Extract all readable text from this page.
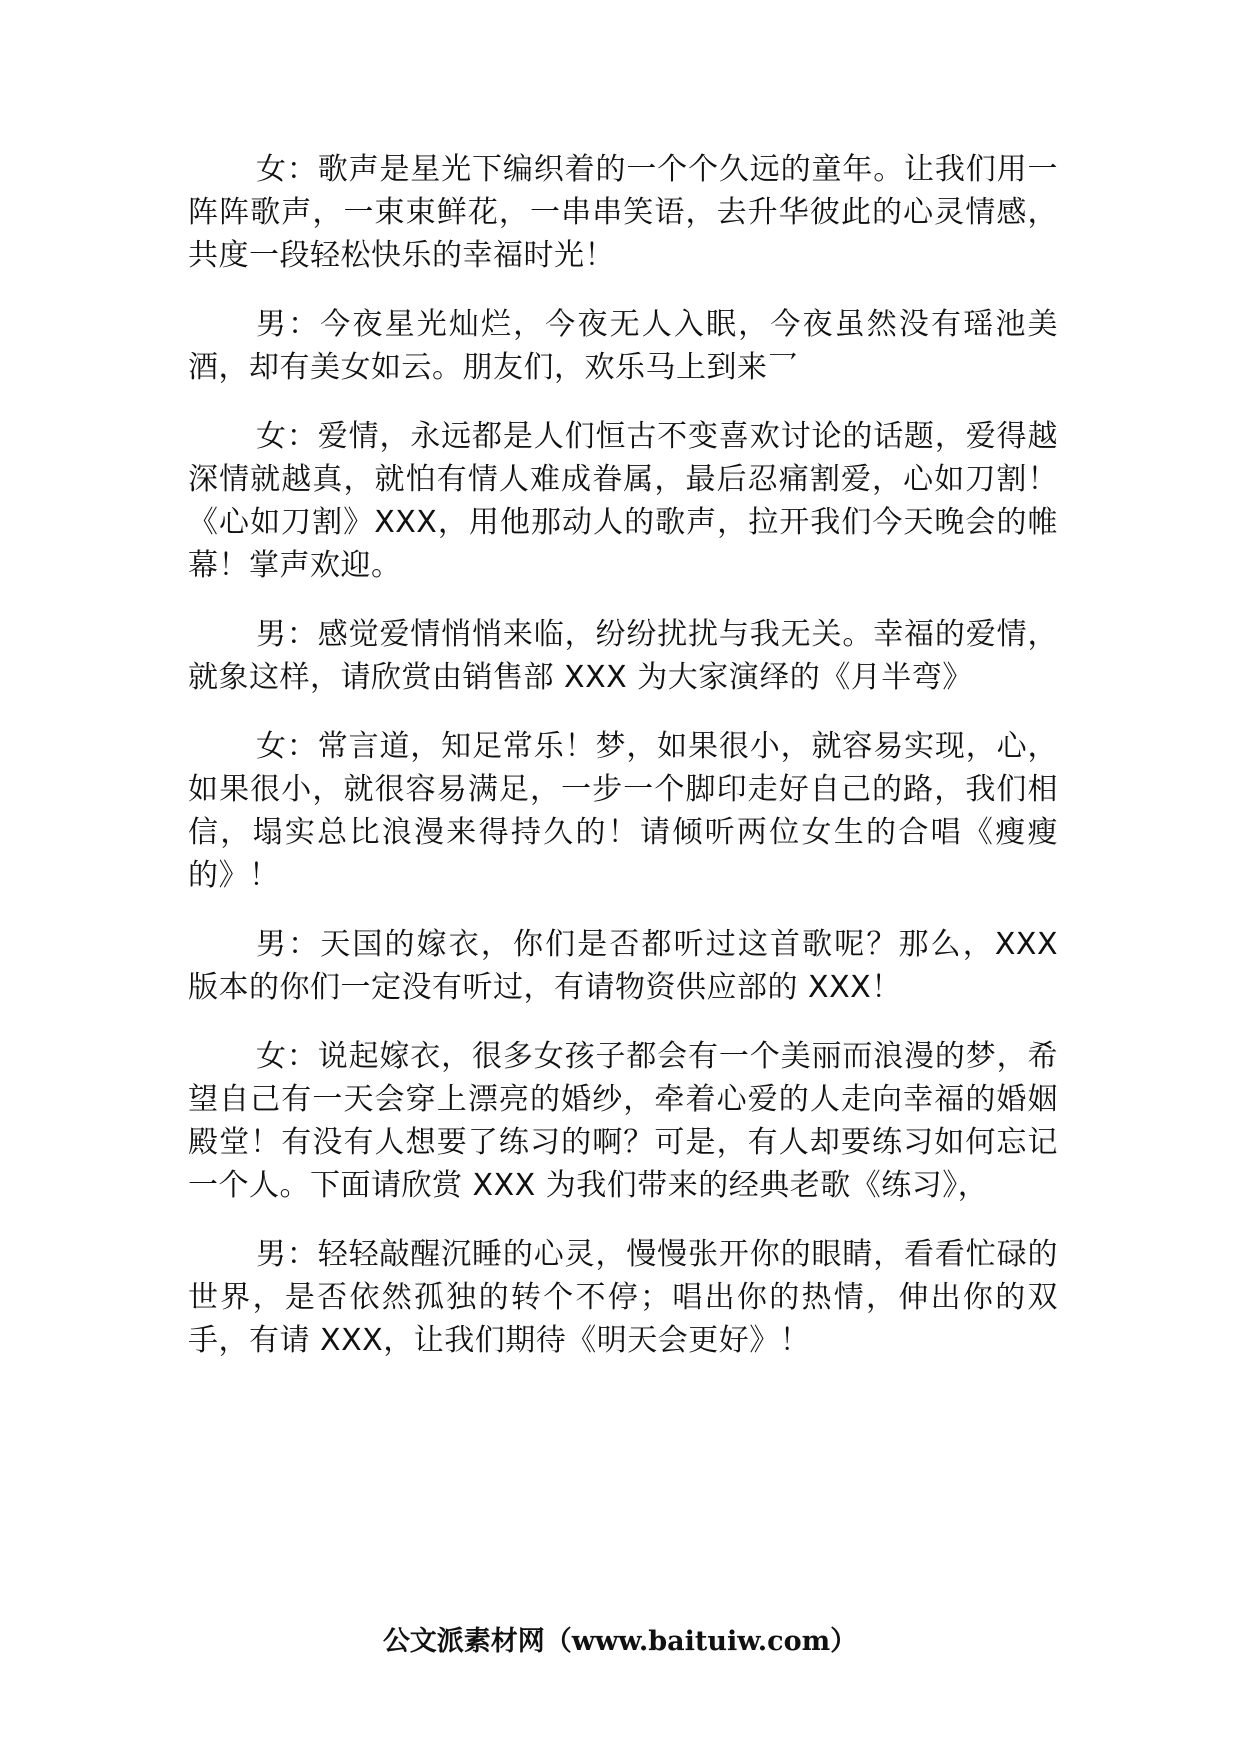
女：歌声是星光下编织着的一个个久远的童年。让我们用一阵阵歌声，一束束鲜花，一串串笑语，去升华彼此的心灵情感，共度一段轻松快乐的幸福时光！

男：今夜星光灿烂，今夜无人入眠，今夜虽然没有瑶池美酒，却有美女如云。朋友们，欢乐马上到来乛

女：爱情，永远都是人们恒古不变喜欢讨论的话题，爱得越深情就越真，就怕有情人难成眷属，最后忍痛割爱，心如刀割！《心如刀割》XXX，用他那动人的歌声，拉开我们今天晚会的帷幕！掌声欢迎。

男：感觉爱情悄悄来临，纷纷扰扰与我无关。幸福的爱情，就象这样，请欣赏由销售部 XXX 为大家演绎的《月半弯》

女：常言道，知足常乐！梦，如果很小，就容易实现，心，如果很小，就很容易满足，一步一个脚印走好自己的路，我们相信，塌实总比浪漫来得持久的！请倾听两位女生的合唱《瘦瘦的》！

男：天国的嫁衣，你们是否都听过这首歌呢？那么，XXX 版本的你们一定没有听过，有请物资供应部的 XXX！

女：说起嫁衣，很多女孩子都会有一个美丽而浪漫的梦，希望自己有一天会穿上漂亮的婚纱，牵着心爱的人走向幸福的婚姻殿堂！有没有人想要了练习的啊？可是，有人却要练习如何忘记一个人。下面请欣赏 XXX 为我们带来的经典老歌《练习》，

男：轻轻敲醒沉睡的心灵，慢慢张开你的眼睛，看看忙碌的世界，是否依然孤独的转个不停；唱出你的热情，伸出你的双手，有请 XXX，让我们期待《明天会更好》！

公文派素材网（www.baituiw.com）
